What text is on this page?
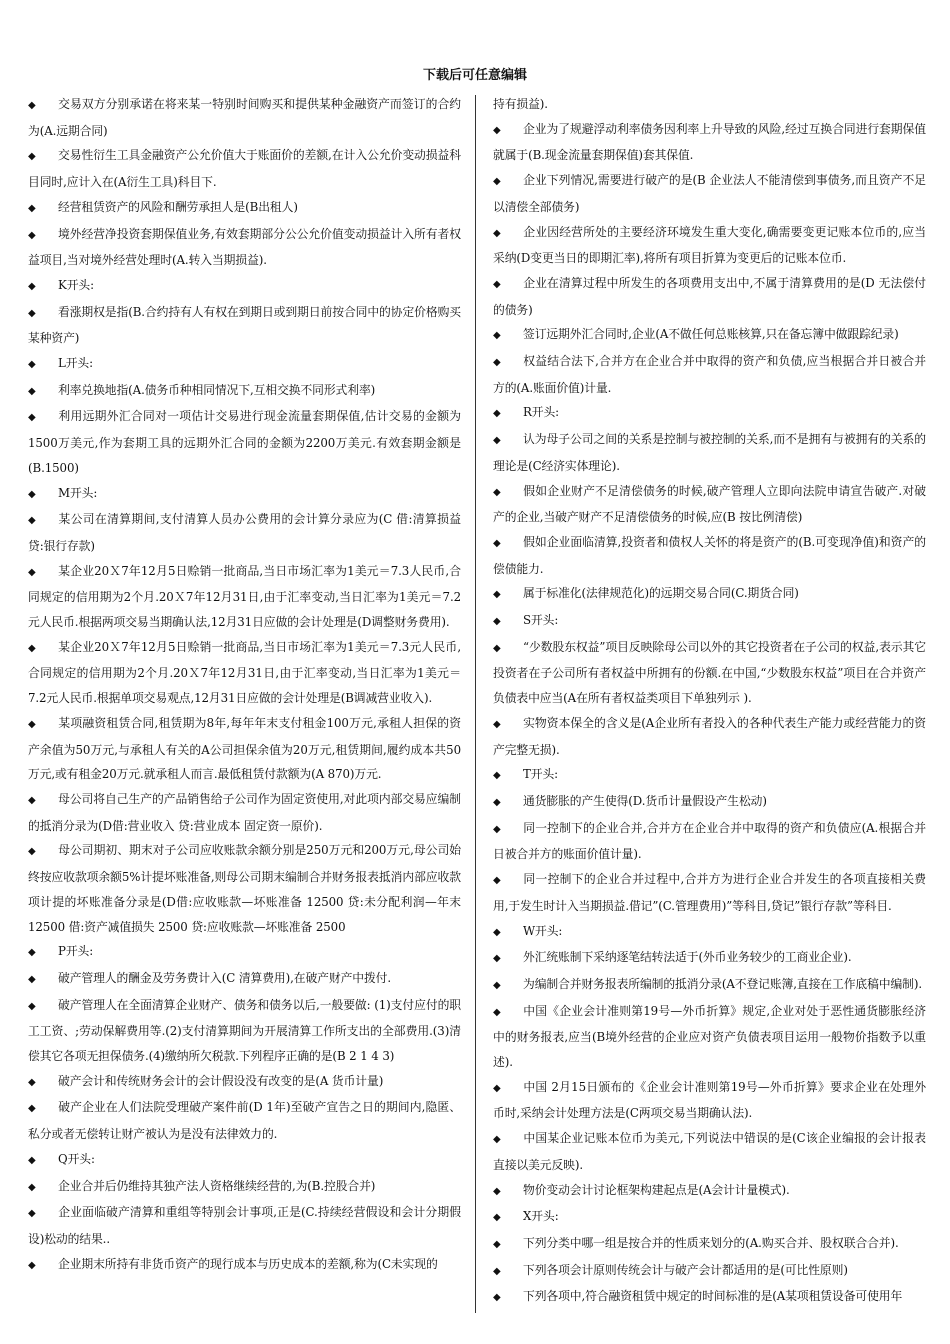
下载后可任意编辑

◆ 交易双方分别承诺在将来某一特别时间购买和提供某种金融资产而签订的合约为(A.远期合同)

◆ 交易性衍生工具金融资产公允价值大于账面价的差额,在计入公允价变动损益科目同时,应计入在(A衍生工具)科目下.

◆ 经营租赁资产的风险和酬劳承担人是(B出租人)

◆ 境外经营净投资套期保值业务,有效套期部分公公允价值变动损益计入所有者权益项目,当对境外经营处理时(A.转入当期损益).

◆ K开头:

◆ 看涨期权是指(B.合约持有人有权在到期日或到期日前按合同中的协定价格购买某种资产)

◆ L开头:

◆ 利率兑换地指(A.债务币种相同情况下,互相交换不同形式利率)

◆ 利用远期外汇合同对一项估计交易进行现金流量套期保值,估计交易的金额为1500万美元,作为套期工具的远期外汇合同的金额为2200万美元.有效套期金额是(B.1500)

◆ M开头:

◆ 某公司在清算期间,支付清算人员办公费用的会计算分录应为(C 借:清算损益 贷:银行存款)

◆ 某企业20Ｘ7年12月5日赊销一批商品,当日市场汇率为1美元＝7.3人民币,合同规定的信用期为2个月.20Ｘ7年12月31日,由于汇率变动,当日汇率为1美元＝7.2元人民币.根据两项交易当期确认法,12月31日应做的会计处理是(D调整财务费用).

◆ 某企业20Ｘ7年12月5日赊销一批商品,当日市场汇率为1美元＝7.3元人民币,合同规定的信用期为2个月.20Ｘ7年12月31日,由于汇率变动,当日汇率为1美元＝7.2元人民币.根据单项交易观点,12月31日应做的会计处理是(B调减营业收入).

◆ 某项融资租赁合同,租赁期为8年,每年年末支付租金100万元,承租人担保的资产余值为50万元,与承租人有关的A公司担保余值为20万元,租赁期间,履约成本共50万元,或有租金20万元.就承租人而言.最低租赁付款额为(A 870)万元.

◆ 母公司将自己生产的产品销售给子公司作为固定资使用,对此项内部交易应编制的抵消分录为(D借:营业收入 贷:营业成本 固定资一原价).

◆ 母公司期初、期末对子公司应收账款余额分别是250万元和200万元,母公司始终按应收款项余额5%计提坏账准备,则母公司期末编制合并财务报表抵消内部应收款项计提的坏账准备分录是(D借:应收账款—坏账准备 12500 贷:未分配利润—年末 12500 借:资产减值损失 2500 贷:应收账款—坏账准备 2500

◆ P开头:

◆ 破产管理人的酬金及劳务费计入(C 清算费用),在破产财产中拨付.

◆ 破产管理人在全面清算企业财产、债务和债务以后,一般要做: (1)支付应付的职工工资、;劳动保解费用等.(2)支付清算期间为开展清算工作所支出的全部费用.(3)清偿其它各项无担保债务.(4)缴纳所欠税款.下列程序正确的是(B 2 1 4 3)

◆ 破产会计和传统财务会计的会计假设没有改变的是(A 货币计量)

◆ 破产企业在人们法院受理破产案件前(D 1年)至破产宣告之日的期间内,隐匿、私分或者无偿转让财产被认为是没有法律效力的.

◆ Q开头:

◆ 企业合并后仍维持其独产法人资格继续经营的,为(B.控股合并)

◆ 企业面临破产清算和重组等特别会计事项,正是(C.持续经营假设和会计分期假设)松动的结果..

◆ 企业期末所持有非货币资产的现行成本与历史成本的差额,称为(C未实现的

持有损益).

◆ 企业为了规避浮动利率债务因利率上升导致的风险,经过互换合同进行套期保值就属于(B.现金流量套期保值)套其保值.

◆ 企业下列情况,需要进行破产的是(B 企业法人不能清偿到事债务,而且资产不足以清偿全部债务)

◆ 企业因经营所处的主要经济环境发生重大变化,确需要变更记账本位币的,应当采纳(D变更当日的即期汇率),将所有项目折算为变更后的记账本位币.

◆ 企业在清算过程中所发生的各项费用支出中,不属于清算费用的是(D 无法偿付的债务)

◆ 签订远期外汇合同时,企业(A不做任何总账核算,只在备忘簿中做跟踪纪录)

◆ 权益结合法下,合并方在企业合并中取得的资产和负债,应当根据合并日被合并方的(A.账面价值)计量.

◆ R开头:

◆ 认为母子公司之间的关系是控制与被控制的关系,而不是拥有与被拥有的关系的理论是(C经济实体理论).

◆ 假如企业财产不足清偿债务的时候,破产管理人立即向法院申请宣告破产.对破产的企业,当破产财产不足清偿债务的时候,应(B 按比例清偿)

◆ 假如企业面临清算,投资者和债权人关怀的将是资产的(B.可变现净值)和资产的偿债能力.

◆ 属于标准化(法律规范化)的远期交易合同(C.期货合同)

◆ S开头:

◆ “少数股东权益”项目反映除母公司以外的其它投资者在子公司的权益,表示其它投资者在子公司所有者权益中所拥有的份额.在中国,“少数股东权益”项目在合并资产负债表中应当(A在所有者权益类项目下单独列示 ).

◆ 实物资本保全的含义是(A企业所有者投入的各种代表生产能力或经营能力的资产完整无损).

◆ T开头:

◆ 通货膨胀的产生使得(D.货币计量假设产生松动)

◆ 同一控制下的企业合并,合并方在企业合并中取得的资产和负债应(A.根据合并日被合并方的账面价值计量).

◆ 同一控制下的企业合并过程中,合并方为进行企业合并发生的各项直接相关费用,于发生时计入当期损益.借记”(C.管理费用)”等科目,贷记”银行存款”等科目.

◆ W开头:

◆ 外汇统账制下采纳逐笔结转法适于(外币业务较少的工商业企业).

◆ 为编制合并财务报表所编制的抵消分录(A不登记账簿,直接在工作底稿中编制).

◆ 中国《企业会计准则第19号—外币折算》规定,企业对处于恶性通货膨胀经济中的财务报表,应当(B境外经营的企业应对资产负债表项目运用一般物价指数予以重述).

◆ 中国 2月15日颁布的《企业会计准则第19号—外币折算》要求企业在处理外币时,采纳会计处理方法是(C两项交易当期确认法).

◆ 中国某企业记账本位币为美元,下列说法中错误的是(C该企业编报的会计报表直接以美元反映).

◆ 物价变动会计讨论框架构建起点是(A会计计量模式).

◆ X开头:

◆ 下列分类中哪一组是按合并的性质来划分的(A.购买合并、股权联合合并).

◆ 下列各项会计原则传统会计与破产会计都适用的是(可比性原则)

◆ 下列各项中,符合融资租赁中规定的时间标准的是(A某项租赁设备可使用年
